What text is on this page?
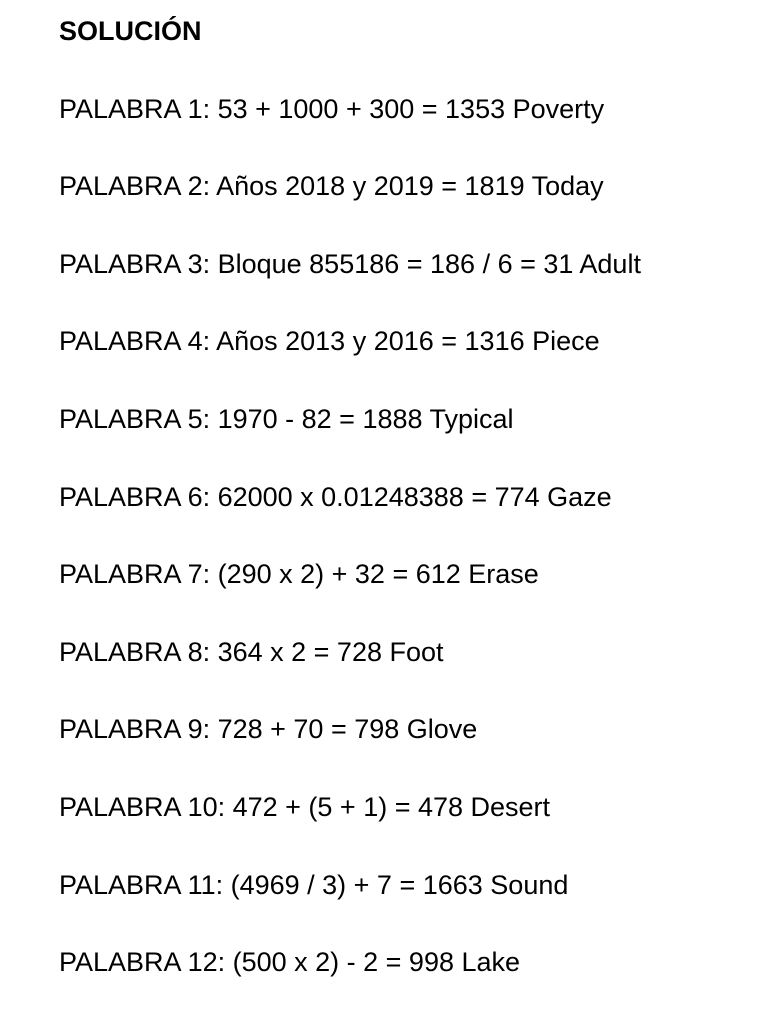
SOLUCIÓN
PALABRA 1: 53 + 1000 + 300 = 1353 Poverty
PALABRA 2: Años 2018 y 2019 = 1819 Today
PALABRA 3: Bloque 855186 = 186 / 6 = 31 Adult
PALABRA 4: Años 2013 y 2016 = 1316 Piece
PALABRA 5: 1970 - 82 = 1888 Typical
PALABRA 6: 62000 x 0.01248388 = 774 Gaze
PALABRA 7: (290 x 2) + 32 = 612 Erase
PALABRA 8: 364 x 2 = 728 Foot
PALABRA 9: 728 + 70 = 798 Glove
PALABRA 10: 472 + (5 + 1) = 478 Desert
PALABRA 11: (4969 / 3) + 7 = 1663 Sound
PALABRA 12: (500 x 2) - 2 = 998 Lake
